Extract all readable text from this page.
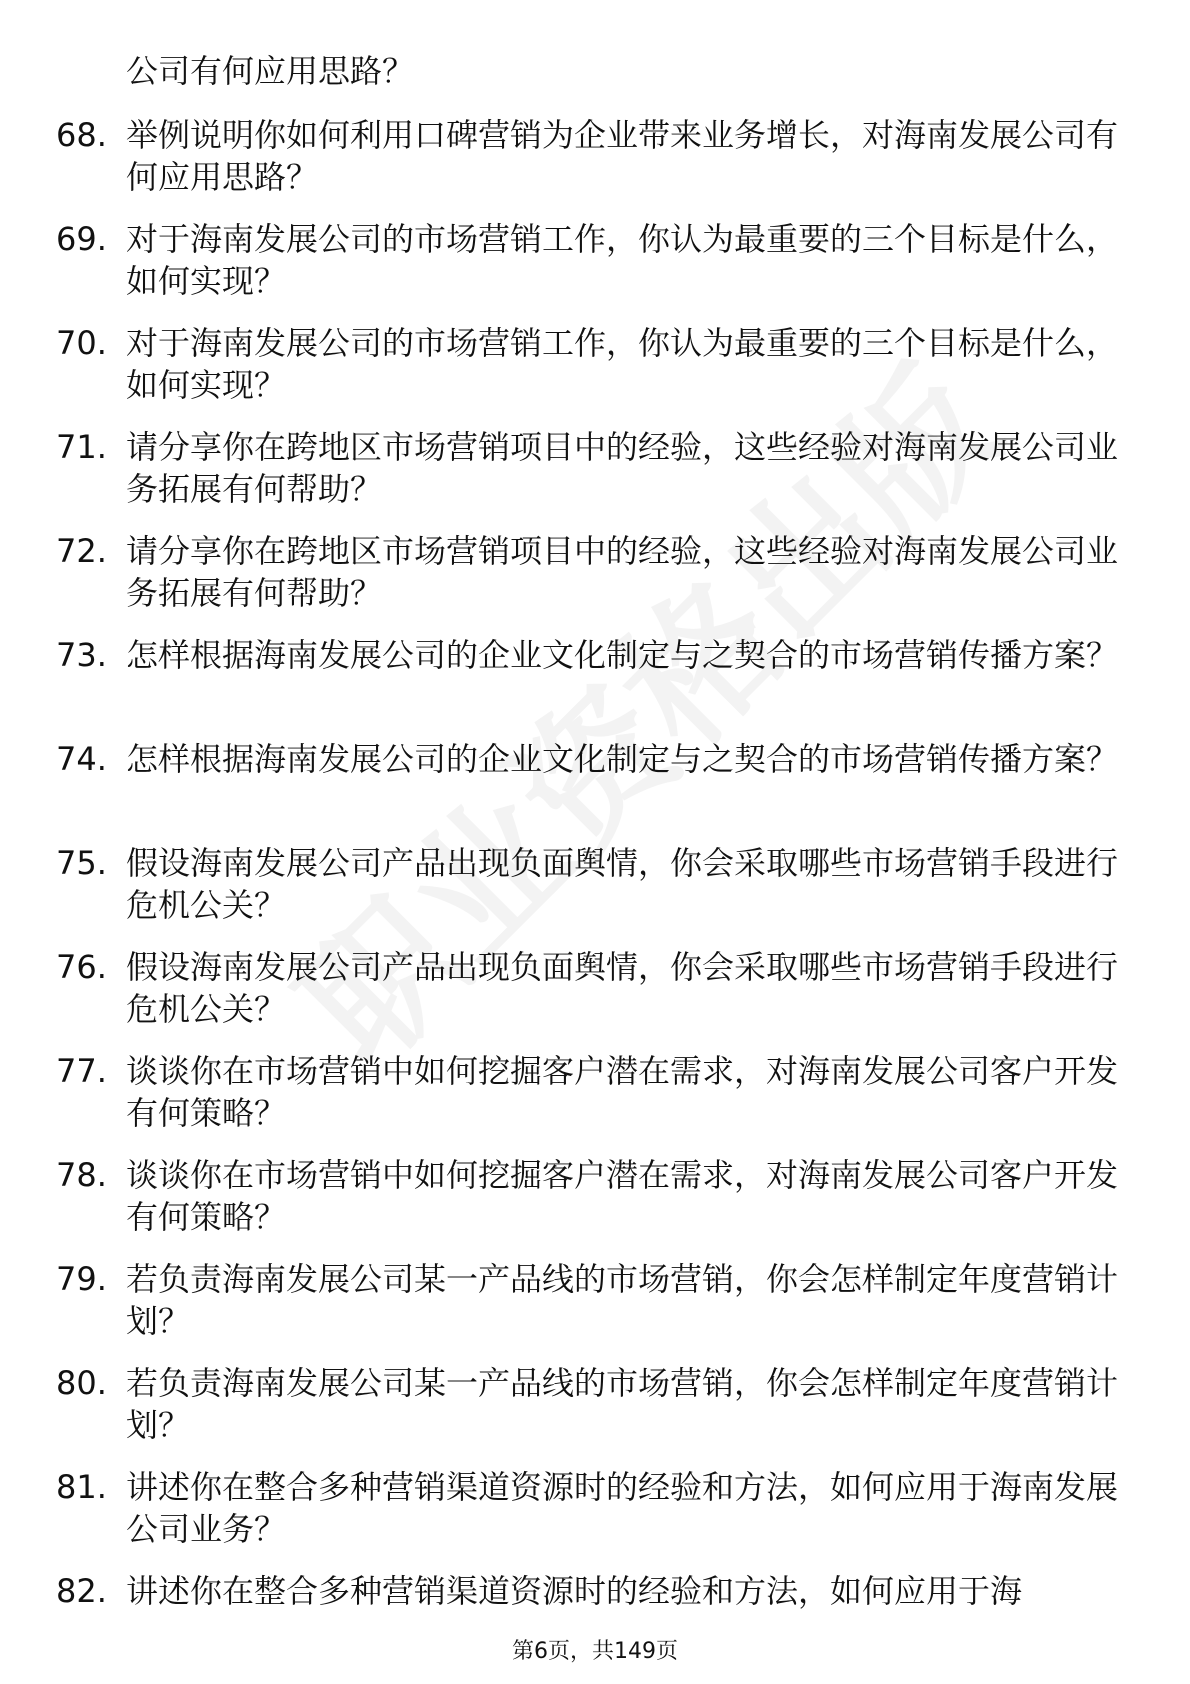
公司有何应用思路？

68. 举例说明你如何利用口碑营销为企业带来业务增长，对海南发展公司有何应用思路？
69. 对于海南发展公司的市场营销工作，你认为最重要的三个目标是什么，如何实现？
70. 对于海南发展公司的市场营销工作，你认为最重要的三个目标是什么，如何实现？
71. 请分享你在跨地区市场营销项目中的经验，这些经验对海南发展公司业务拓展有何帮助？
72. 请分享你在跨地区市场营销项目中的经验，这些经验对海南发展公司业务拓展有何帮助？
73. 怎样根据海南发展公司的企业文化制定与之契合的市场营销传播方案？
74. 怎样根据海南发展公司的企业文化制定与之契合的市场营销传播方案？
75. 假设海南发展公司产品出现负面舆情，你会采取哪些市场营销手段进行危机公关？
76. 假设海南发展公司产品出现负面舆情，你会采取哪些市场营销手段进行危机公关？
77. 谈谈你在市场营销中如何挖掘客户潜在需求，对海南发展公司客户开发有何策略？
78. 谈谈你在市场营销中如何挖掘客户潜在需求，对海南发展公司客户开发有何策略？
79. 若负责海南发展公司某一产品线的市场营销，你会怎样制定年度营销计划？
80. 若负责海南发展公司某一产品线的市场营销，你会怎样制定年度营销计划？
81. 讲述你在整合多种营销渠道资源时的经验和方法，如何应用于海南发展公司业务？
82. 讲述你在整合多种营销渠道资源时的经验和方法，如何应用于海
第6页，共149页
